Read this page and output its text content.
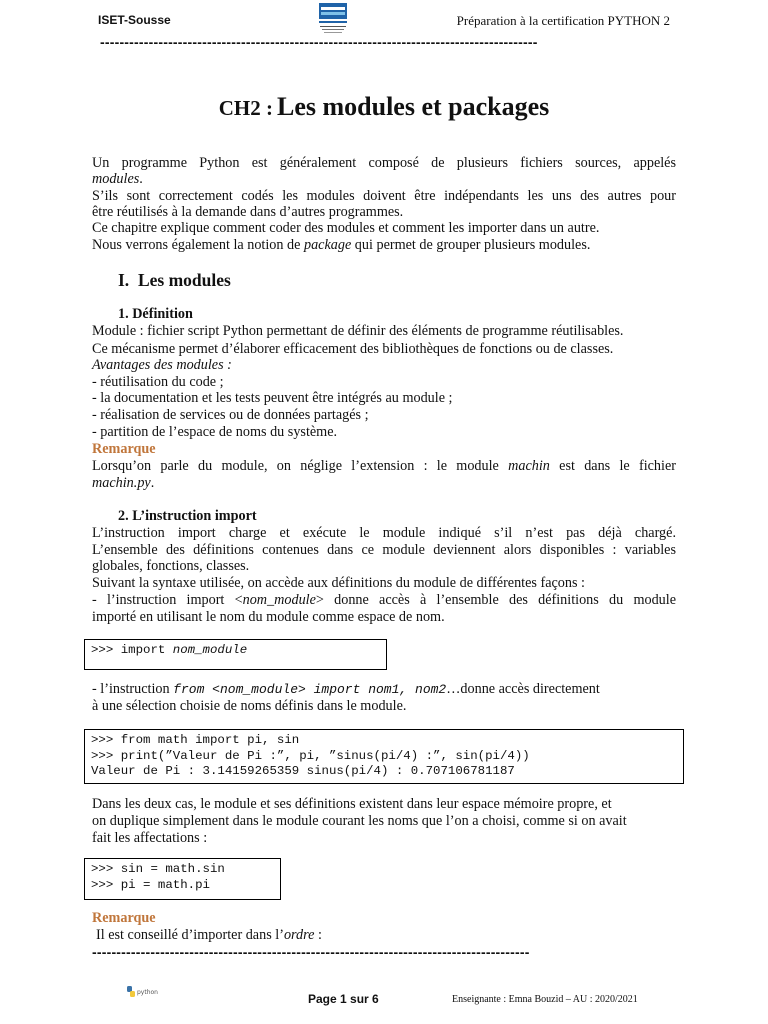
ISET-Sousse	Préparation à la certification PYTHON 2
------------------------------------------------------------------------------------------
CH2 : Les modules et packages
Un programme Python est généralement composé de plusieurs fichiers sources, appelés
modules.
S’ils sont correctement codés les modules doivent être indépendants les uns des autres pour
être réutilisés à la demande dans d’autres programmes.
Ce chapitre explique comment coder des modules et comment les importer dans un autre.
Nous verrons également la notion de package qui permet de grouper plusieurs modules.
I. Les modules
1. Définition
Module : fichier script Python permettant de définir des éléments de programme réutilisables.
Ce mécanisme permet d’élaborer efficacement des bibliothèques de fonctions ou de classes.
Avantages des modules :
- réutilisation du code ;
- la documentation et les tests peuvent être intégrés au module ;
- réalisation de services ou de données partagés ;
- partition de l’espace de noms du système.
Remarque
Lorsqu’on parle du module, on néglige l’extension : le module machin est dans le fichier
machin.py.
2. L’instruction import
L’instruction import charge et exécute le module indiqué s’il n’est pas déjà chargé.
L’ensemble des définitions contenues dans ce module deviennent alors disponibles : variables
globales, fonctions, classes.
Suivant la syntaxe utilisée, on accède aux définitions du module de différentes façons :
- l’instruction import <nom_module> donne accès à l’ensemble des définitions du module
importé en utilisant le nom du module comme espace de nom.
>>> import nom_module
- l’instruction from <nom_module> import nom1, nom2…donne accès directement
à une sélection choisie de noms définis dans le module.
>>> from math import pi, sin
>>> print(”Valeur de Pi :”, pi, ”sinus(pi/4) :”, sin(pi/4))
Valeur de Pi : 3.14159265359 sinus(pi/4) : 0.707106781187
Dans les deux cas, le module et ses définitions existent dans leur espace mémoire propre, et
on duplique simplement dans le module courant les noms que l’on a choisi, comme si on avait
fait les affectations :
>>> sin = math.sin
>>> pi = math.pi
Remarque
Il est conseillé d’importer dans l’ordre :
------------------------------------------------------------------------------------------
python	Page 1 sur 6	Enseignante : Emna Bouzid – AU : 2020/2021
